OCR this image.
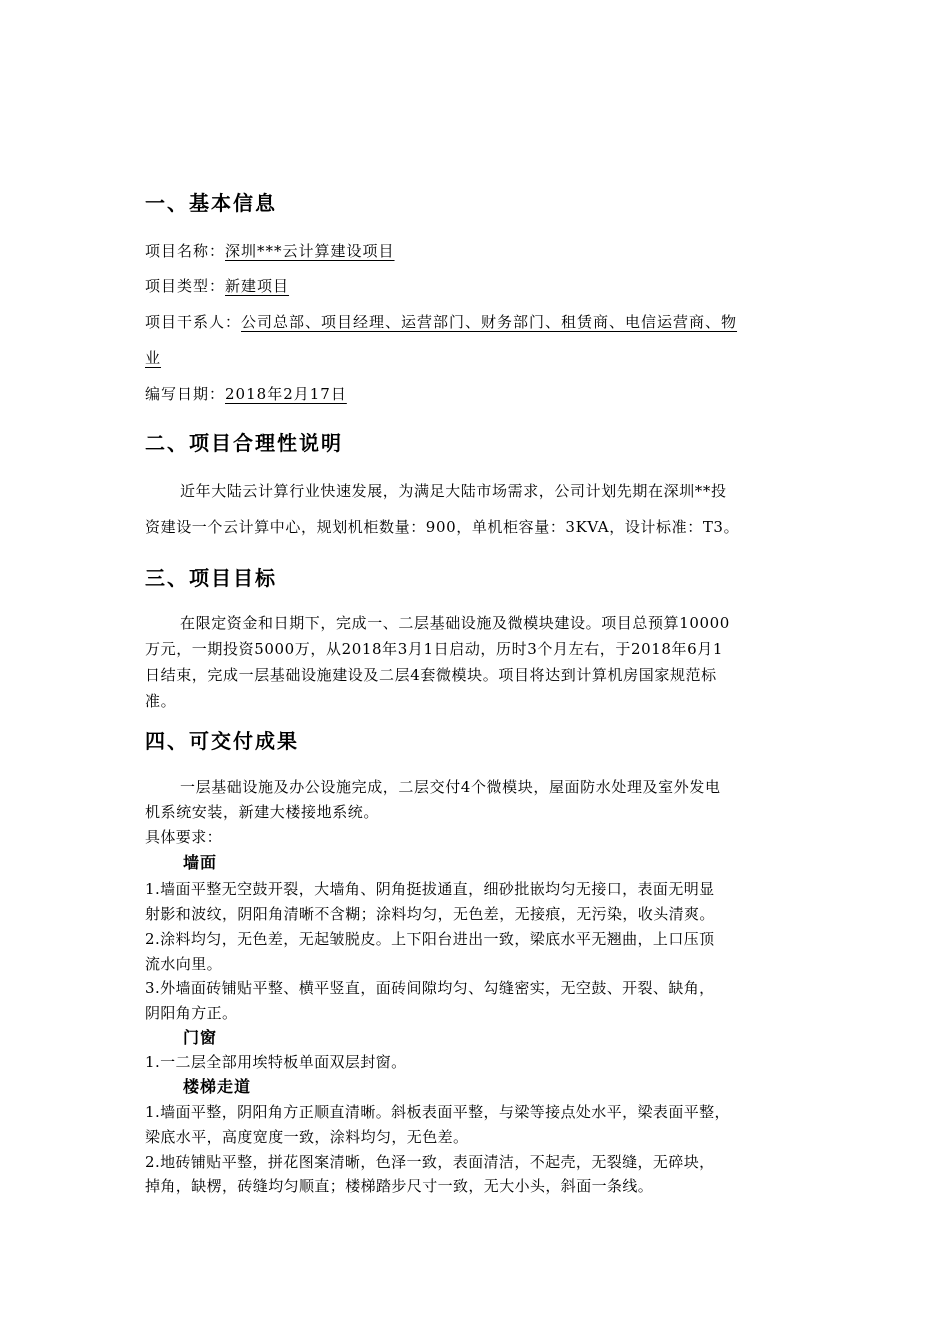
一、基本信息
项目名称：深圳***云计算建设项目
项目类型：新建项目
项目干系人：公司总部、项目经理、运营部门、财务部门、租赁商、电信运营商、物
业
编写日期：2018年2月17日
二、项目合理性说明
近年大陆云计算行业快速发展，为满足大陆市场需求，公司计划先期在深圳**投
资建设一个云计算中心，规划机柜数量：900，单机柜容量：3KVA，设计标准：T3。
三、项目目标
在限定资金和日期下，完成一、二层基础设施及微模块建设。项目总预算10000
万元，一期投资5000万，从2018年3月1日启动，历时3个月左右，于2018年6月1
日结束，完成一层基础设施建设及二层4套微模块。项目将达到计算机房国家规范标
准。
四、可交付成果
一层基础设施及办公设施完成，二层交付4个微模块，屋面防水处理及室外发电
机系统安装，新建大楼接地系统。
具体要求：
墙面
1.墙面平整无空鼓开裂，大墙角、阴角挺拔通直，细砂批嵌均匀无接口，表面无明显
射影和波纹，阴阳角清晰不含糊；涂料均匀，无色差，无接痕，无污染，收头清爽。
2.涂料均匀，无色差，无起皱脱皮。上下阳台进出一致，梁底水平无翘曲，上口压顶
流水向里。
3.外墙面砖铺贴平整、横平竖直，面砖间隙均匀、勾缝密实，无空鼓、开裂、缺角，
阴阳角方正。
门窗
1.一二层全部用埃特板单面双层封窗。
楼梯走道
1.墙面平整，阴阳角方正顺直清晰。斜板表面平整，与梁等接点处水平，梁表面平整，
梁底水平，高度宽度一致，涂料均匀，无色差。
2.地砖铺贴平整，拼花图案清晰，色泽一致，表面清洁，不起壳，无裂缝，无碎块，
掉角，缺楞，砖缝均匀顺直；楼梯踏步尺寸一致，无大小头，斜面一条线。
